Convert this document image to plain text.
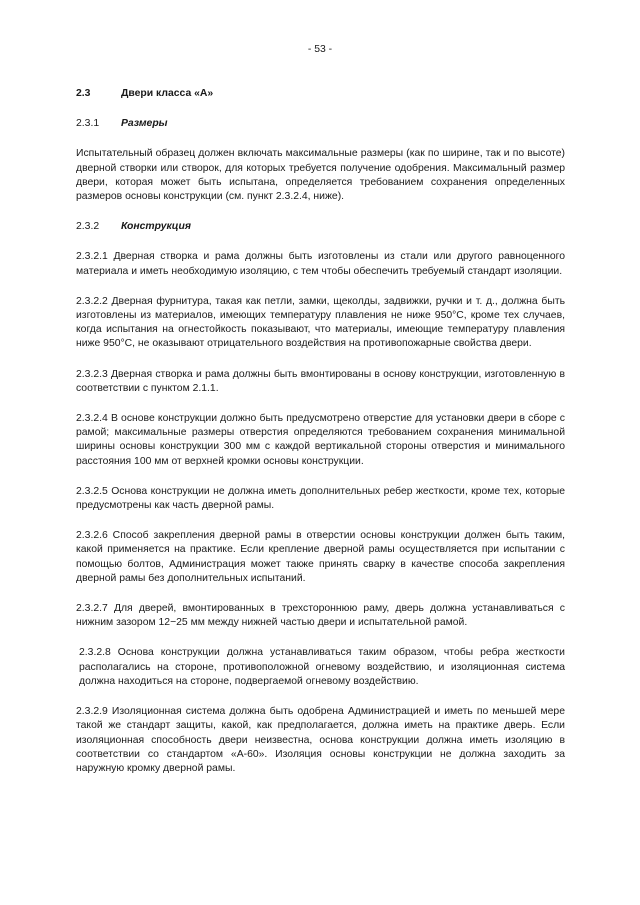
- 53 -
2.3	Двери класса «А»
2.3.1	Размеры

Испытательный образец должен включать максимальные размеры (как по ширине, так и по высоте) дверной створки или створок, для которых требуется получение одобрения. Максимальный размер двери, которая может быть испытана, определяется требованием сохранения определенных размеров основы конструкции (см. пункт 2.3.2.4, ниже).

2.3.2	Конструкция

2.3.2.1 Дверная створка и рама должны быть изготовлены из стали или другого равноценного материала и иметь необходимую изоляцию, с тем чтобы обеспечить требуемый стандарт изоляции.

2.3.2.2 Дверная фурнитура, такая как петли, замки, щеколды, задвижки, ручки и т. д., должна быть изготовлены из материалов, имеющих температуру плавления не ниже 950°С, кроме тех случаев, когда испытания на огнестойкость показывают, что материалы, имеющие температуру плавления ниже 950°С, не оказывают отрицательного воздействия на противопожарные свойства двери.

2.3.2.3 Дверная створка и рама должны быть вмонтированы в основу конструкции, изготовленную в соответствии с пунктом 2.1.1.

2.3.2.4 В основе конструкции должно быть предусмотрено отверстие для установки двери в сборе с рамой; максимальные размеры отверстия определяются требованием сохранения минимальной ширины основы конструкции 300 мм с каждой вертикальной стороны отверстия и минимального расстояния 100 мм от верхней кромки основы конструкции.

2.3.2.5 Основа конструкции не должна иметь дополнительных ребер жесткости, кроме тех, которые предусмотрены как часть дверной рамы.

2.3.2.6 Способ закрепления дверной рамы в отверстии основы конструкции должен быть таким, какой применяется на практике. Если крепление дверной рамы осуществляется при испытании с помощью болтов, Администрация может также принять сварку в качестве способа закрепления дверной рамы без дополнительных испытаний.

2.3.2.7 Для дверей, вмонтированных в трехстороннюю раму, дверь должна устанавливаться с нижним зазором 12−25 мм между нижней частью двери и испытательной рамой.

2.3.2.8 Основа конструкции должна устанавливаться таким образом, чтобы ребра жесткости располагались на стороне, противоположной огневому воздействию, и изоляционная система должна находиться на стороне, подвергаемой огневому воздействию.

2.3.2.9 Изоляционная система должна быть одобрена Администрацией и иметь по меньшей мере такой же стандарт защиты, какой, как предполагается, должна иметь на практике дверь. Если изоляционная способность двери неизвестна, основа конструкции должна иметь изоляцию в соответствии со стандартом «А-60». Изоляция основы конструкции не должна заходить за наружную кромку дверной рамы.
